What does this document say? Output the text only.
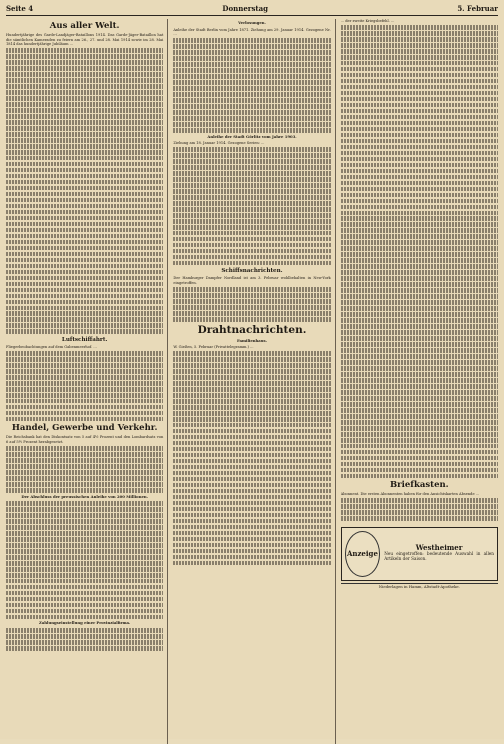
Seite 4	Donnerstag	5. Februar
Aus aller Welt.
Hundertjährige des Garde-Landjäger-Bataillons 1914. Das Garde-Jäger-Bataillon hat die sämtlichen Kameraden zu feiern am 26., 27. und 28. Mai 1914 sowie im 28. Mai 1814 das hundertjährige Jubiläum ...
Luftschiffahrt.
Fliegerbeobachtungen auf dem Gabenmeerhof. ...
Handel, Gewerbe und Verkehr.
Die Reichsbank hat den Diskontsatz von 5 auf 4½ Prozent und den Lombardsatz von 6 auf 5½ Prozent herabgesetzt.
Der Abschluss der preussischen Anleihe von 200 Millionen.
Zahlungseinstellung einer Provinzialfirma.
Verlosungen.
Anleihe der Stadt Berlin vom Jahre 1871. Ziehung am 29. Januar 1914. Gezogene Nr. ...
Anleihe der Stadt Görlitz vom Jahre 1903.
Ziehung am 18. Januar 1914. Gezogene Serien: ...
Schiffsnachrichten.
Der Hamburger Dampfer Nordland ist am 3. Februar wohlbehalten in New-York eingetroffen.
Drahtnachrichten.
Familienhaus.
W. Gießen, 5. Februar (Privattelegramm.) ...
... der zweite Kriegsbefehl. ...
Briefkasten.
Abonnent. Die ersten Abonnenten haben für den Ansichtskarten Absende ...
Anzeige
Westheimer
Neu eingetroffen: bedeutende Auswahl in allen Artikeln der Saison.
Niederlagen in Hamm, Altstadt-Apotheke.
